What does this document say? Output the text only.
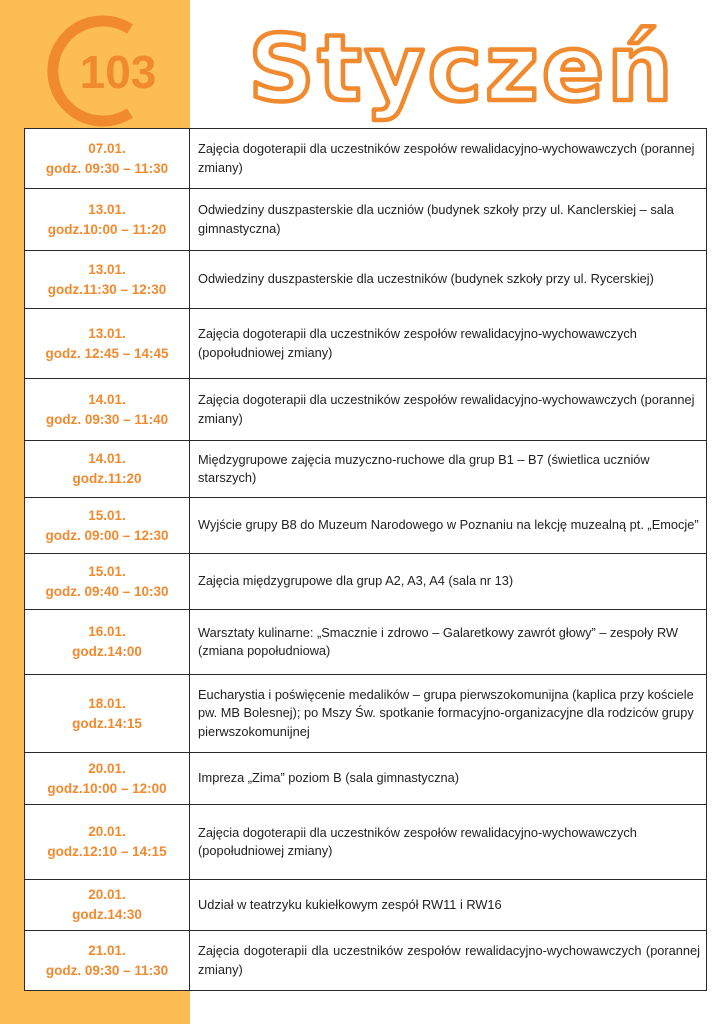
103 Styczeń
07.01.
godz. 09:30 – 11:30	Zajęcia dogoterapii dla uczestników zespołów rewalidacyjno-wychowawczych (porannej zmiany)

13.01.
godz.10:00 – 11:20	Odwiedziny duszpasterskie dla uczniów (budynek szkoły przy ul. Kanclerskiej – sala gimnastyczna)

13.01.
godz.11:30 – 12:30	Odwiedziny duszpasterskie dla uczestników (budynek szkoły przy ul. Rycerskiej)

13.01.
godz. 12:45 – 14:45	Zajęcia dogoterapii dla uczestników zespołów rewalidacyjno-wychowawczych (popołudniowej zmiany)

14.01.
godz. 09:30 – 11:40	Zajęcia dogoterapii dla uczestników zespołów rewalidacyjno-wychowawczych (porannej zmiany)

14.01.
godz.11:20	Międzygrupowe zajęcia muzyczno-ruchowe dla grup B1 – B7 (świetlica uczniów starszych)

15.01.
godz. 09:00 – 12:30	Wyjście grupy B8 do Muzeum Narodowego w Poznaniu na lekcję muzealną pt. „Emocje”

15.01.
godz. 09:40 – 10:30	Zajęcia międzygrupowe dla grup A2, A3, A4 (sala nr 13)

16.01.
godz.14:00	Warsztaty kulinarne: „Smacznie i zdrowo – Galaretkowy zawrót głowy” – zespoły RW (zmiana popołudniowa)

18.01.
godz.14:15	Eucharystia i poświęcenie medalików – grupa pierwszokomunijna (kaplica przy kościele pw. MB Bolesnej); po Mszy Św. spotkanie formacyjno-organizacyjne dla rodziców grupy pierwszokomunijnej

20.01.
godz.10:00 – 12:00	Impreza „Zima” poziom B (sala gimnastyczna)

20.01.
godz.12:10 – 14:15	Zajęcia dogoterapii dla uczestników zespołów rewalidacyjno-wychowawczych (popołudniowej zmiany)

20.01.
godz.14:30	Udział w teatrzyku kukiełkowym zespół RW11 i RW16

21.01.
godz. 09:30 – 11:30	Zajęcia dogoterapii dla uczestników zespołów rewalidacyjno-wychowawczych (porannej zmiany)
